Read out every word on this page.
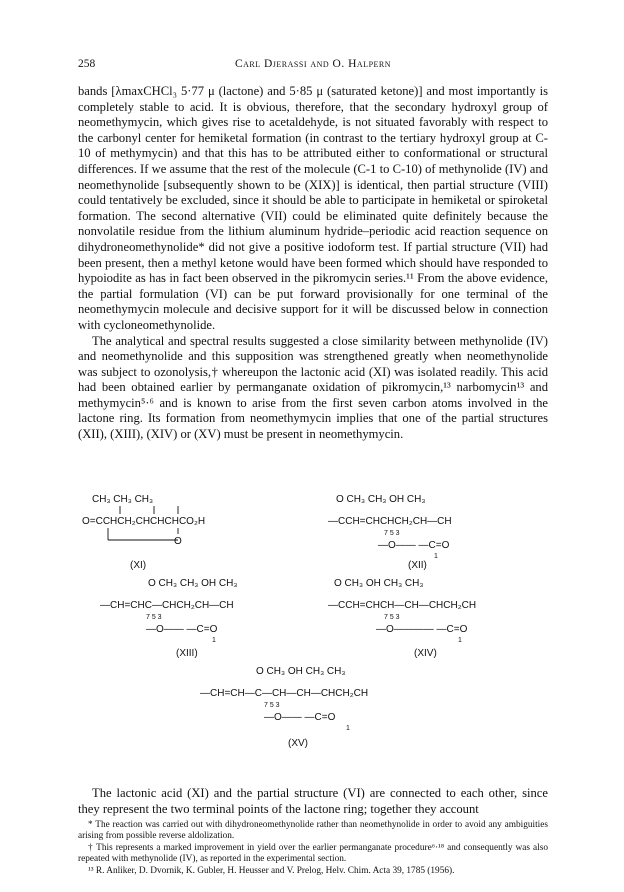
258	Carl Djerassi and O. Halpern

bands [λmaxCHCl₃ 5·77 μ (lactone) and 5·85 μ (saturated ketone)] and most importantly is completely stable to acid. It is obvious, therefore, that the secondary hydroxyl group of neomethymycin, which gives rise to acetaldehyde, is not situated favorably with respect to the carbonyl center for hemiketal formation (in contrast to the tertiary hydroxyl group at C-10 of methymycin) and that this has to be attributed either to conformational or structural differences. If we assume that the rest of the molecule (C-1 to C-10) of methynolide (IV) and neomethynolide [subsequently shown to be (XIX)] is identical, then partial structure (VIII) could tentatively be excluded, since it should be able to participate in hemiketal or spiroketal formation. The second alternative (VII) could be eliminated quite definitely because the nonvolatile residue from the lithium aluminum hydride–periodic acid reaction sequence on dihydroneomethynolide* did not give a positive iodoform test. If partial structure (VII) had been present, then a methyl ketone would have been formed which should have responded to hypoiodite as has in fact been observed in the pikromycin series.¹¹ From the above evidence, the partial formulation (VI) can be put forward provisionally for one terminal of the neomethymycin molecule and decisive support for it will be discussed below in connection with cycloneomethynolide.

The analytical and spectral results suggested a close similarity between methynolide (IV) and neomethynolide and this supposition was strengthened greatly when neomethynolide was subject to ozonolysis,† whereupon the lactonic acid (XI) was isolated readily. This acid had been obtained earlier by permanganate oxidation of pikromycin,¹³ narbomycin¹³ and methymycin⁵·⁶ and is known to arise from the first seven carbon atoms involved in the lactone ring. Its formation from neomethymycin implies that one of the partial structures (XII), (XIII), (XIV) or (XV) must be present in neomethymycin.

CH₃ CH₃ CH₃
O=CCHCH₂CHCHCHCO₂H
O
(XI)
O CH₃ CH₃ OH CH₃
—CCH=CHCHCH₂CH—CH
7 5 3
—O—— —C=O
1
(XII)
O CH₃ CH₃ OH CH₃
—CH=CHC—CHCH₂CH—CH
7 5 3
—O—— —C=O
1
(XIII)
O CH₃ OH CH₃ CH₃
—CCH=CHCH—CH—CHCH₂CH
7 5 3
—O———— —C=O
1
(XIV)
O CH₃ OH CH₃ CH₃
—CH=CH—C—CH—CH—CHCH₂CH
7 5 3
—O—— —C=O
1
(XV)

The lactonic acid (XI) and the partial structure (VI) are connected to each other, since they represent the two terminal points of the lactone ring; together they account

* The reaction was carried out with dihydroneomethynolide rather than neomethynolide in order to avoid any ambiguities arising from possible reverse aldolization.

† This represents a marked improvement in yield over the earlier permanganate procedure⁶·¹⁸ and consequently was also repeated with methynolide (IV), as reported in the experimental section.

¹³ R. Anliker, D. Dvornik, K. Gubler, H. Heusser and V. Prelog, Helv. Chim. Acta 39, 1785 (1956).
